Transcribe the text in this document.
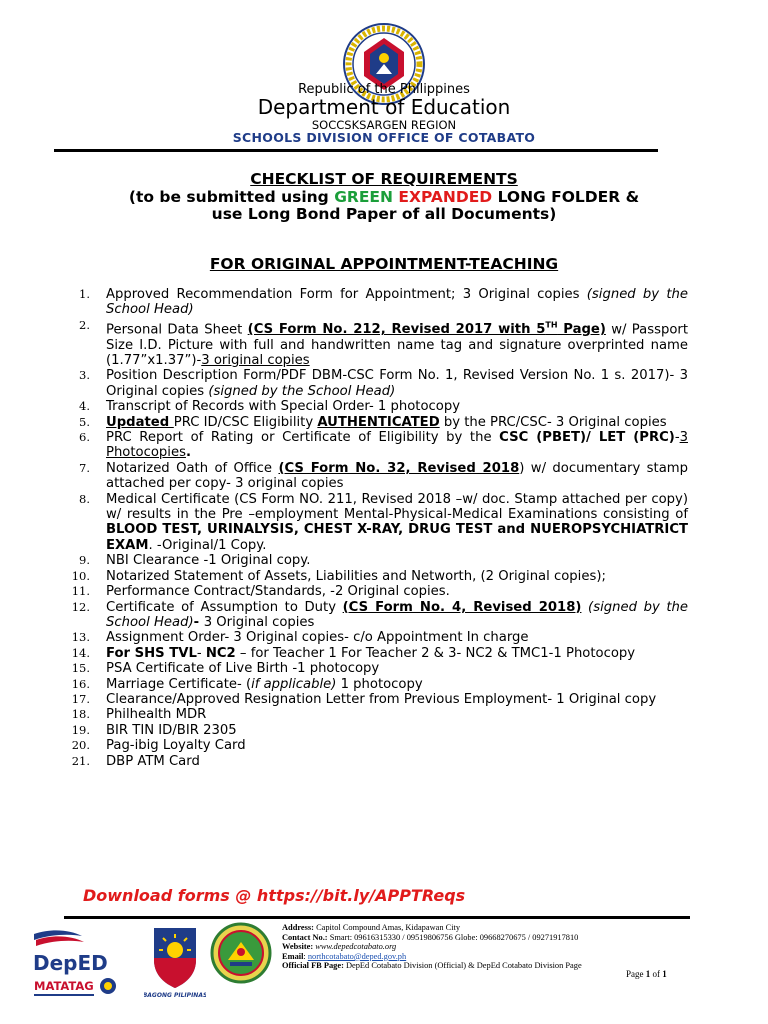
Republic of the Philippines
Department of Education
SOCCSKSARGEN REGION
SCHOOLS DIVISION OFFICE OF COTABATO
CHECKLIST OF REQUIREMENTS
(to be submitted using GREEN EXPANDED LONG FOLDER &
use Long Bond Paper of all Documents)
FOR ORIGINAL APPOINTMENT-TEACHING
1. Approved Recommendation Form for Appointment; 3 Original copies (signed by the School Head)
2. Personal Data Sheet (CS Form No. 212, Revised 2017 with 5TH Page) w/ Passport Size I.D. Picture with full and handwritten name tag and signature overprinted name (1.77”x1.37”)-3 original copies
3. Position Description Form/PDF DBM-CSC Form No. 1, Revised Version No. 1 s. 2017)- 3 Original copies (signed by the School Head)
4. Transcript of Records with Special Order- 1 photocopy
5. Updated PRC ID/CSC Eligibility AUTHENTICATED by the PRC/CSC- 3 Original copies
6. PRC Report of Rating or Certificate of Eligibility by the CSC (PBET)/ LET (PRC)-3 Photocopies.
7. Notarized Oath of Office (CS Form No. 32, Revised 2018) w/ documentary stamp attached per copy- 3 original copies
8. Medical Certificate (CS Form NO. 211, Revised 2018 –w/ doc. Stamp attached per copy) w/ results in the Pre –employment Mental-Physical-Medical Examinations consisting of BLOOD TEST, URINALYSIS, CHEST X-RAY, DRUG TEST and NUEROPSYCHIATRICT EXAM. -Original/1 Copy.
9. NBI Clearance -1 Original copy.
10. Notarized Statement of Assets, Liabilities and Networth, (2 Original copies);
11. Performance Contract/Standards, -2 Original copies.
12. Certificate of Assumption to Duty (CS Form No. 4, Revised 2018) (signed by the School Head)- 3 Original copies
13. Assignment Order- 3 Original copies- c/o Appointment In charge
14. For SHS TVL- NC2 – for Teacher 1 For Teacher 2 & 3- NC2 & TMC1-1 Photocopy
15. PSA Certificate of Live Birth -1 photocopy
16. Marriage Certificate- (if applicable) 1 photocopy
17. Clearance/Approved Resignation Letter from Previous Employment- 1 Original copy
18. Philhealth MDR
19. BIR TIN ID/BIR 2305
20. Pag-ibig Loyalty Card
21. DBP ATM Card
Download forms @ https://bit.ly/APPTReqs
DepED
MATATAG
BAGONG PILIPINAS
Address: Capitol Compound Amas, Kidapawan City
Contact No.: Smart: 09616315330 / 09519806756 Globe: 09668270675 / 09271917810
Website: www.depedcotabato.org
Email: northcotabato@deped.gov.ph
Official FB Page: DepEd Cotabato Division (Official) & DepEd Cotabato Division Page
Page 1 of 1
